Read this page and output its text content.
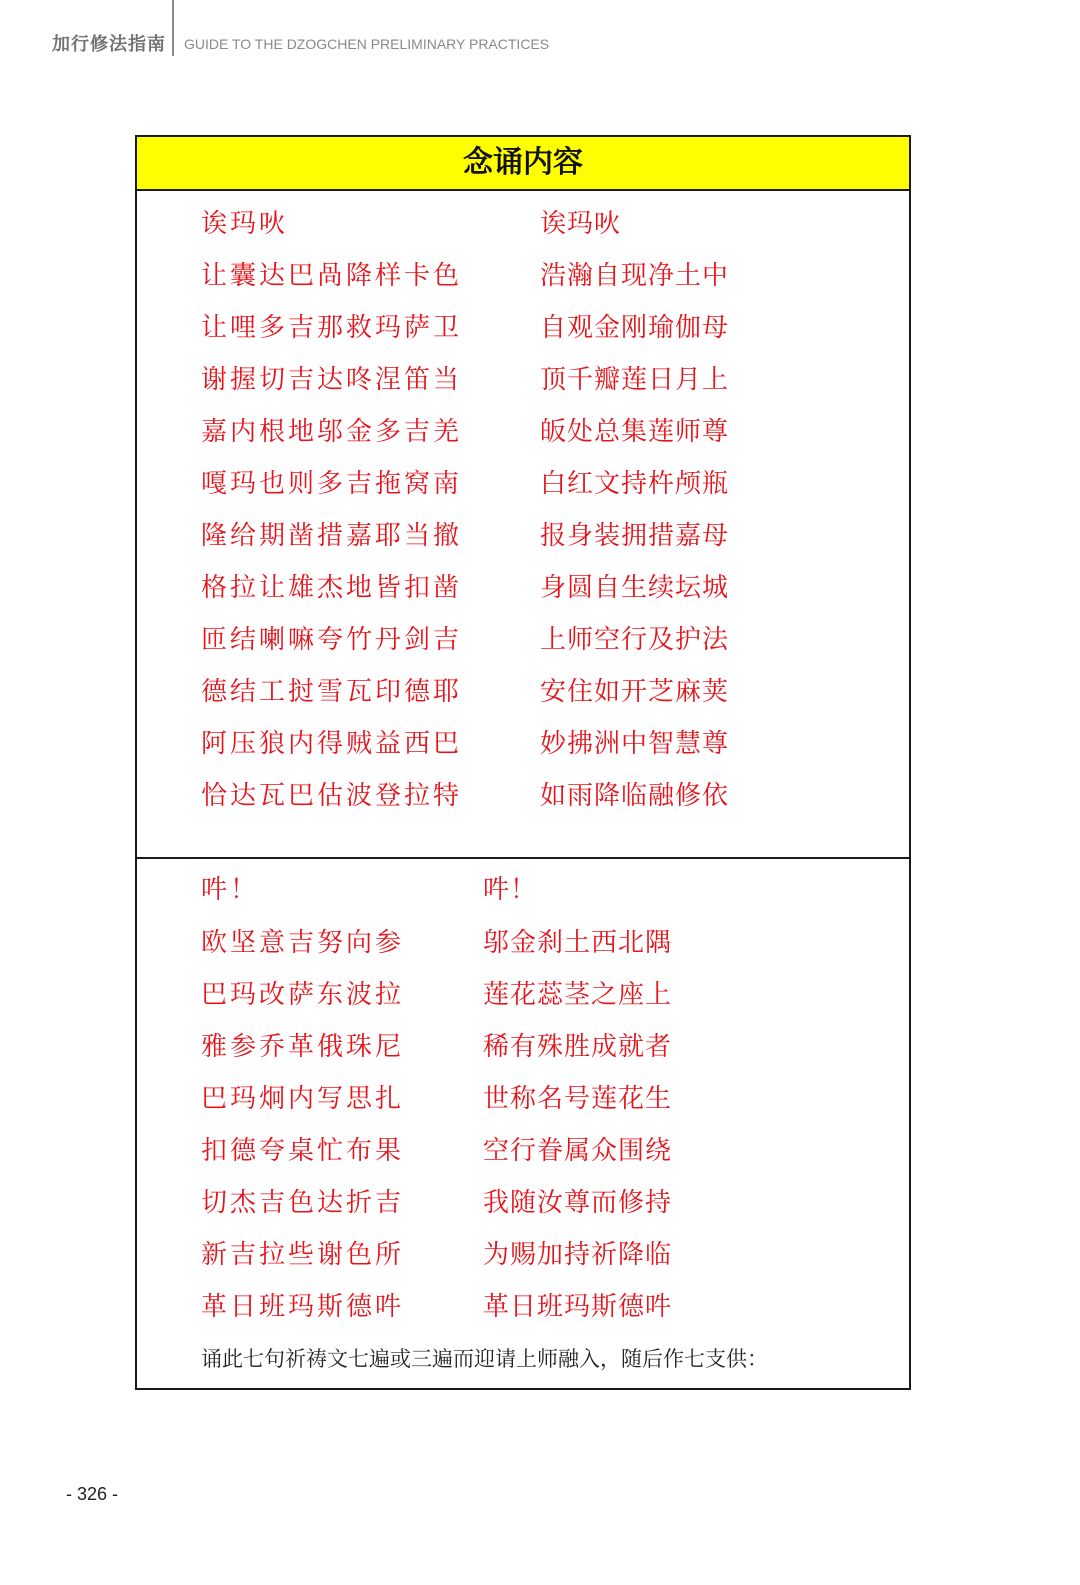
加行修法指南 GUIDE TO THE DZOGCHEN PRELIMINARY PRACTICES
念诵内容
诶玛吙	诶玛吙
让囊达巴咼降样卡色	浩瀚自现净土中
让哩多吉那救玛萨卫	自观金刚瑜伽母
谢握切吉达咚涅笛当	顶千瓣莲日月上
嘉内根地邬金多吉羌	皈处总集莲师尊
嘎玛也则多吉拖窝南	白红文持杵颅瓶
隆给期凿措嘉耶当撤	报身装拥措嘉母
格拉让雄杰地皆扣凿	身圆自生续坛城
匝结喇嘛夸竹丹剑吉	上师空行及护法
德结工挝雪瓦印德耶	安住如开芝麻荚
阿压狼内得贼益西巴	妙拂洲中智慧尊
恰达瓦巴估波登拉特	如雨降临融修依
吽！	吽！
欧坚意吉努向参	邬金刹土西北隅
巴玛改萨东波拉	莲花蕊茎之座上
雅参乔革俄珠尼	稀有殊胜成就者
巴玛炯内写思扎	世称名号莲花生
扣德夸桌忙布果	空行眷属众围绕
切杰吉色达折吉	我随汝尊而修持
新吉拉些谢色所	为赐加持祈降临
革日班玛斯德吽	革日班玛斯德吽
诵此七句祈祷文七遍或三遍而迎请上师融入，随后作七支供：
- 326 -
